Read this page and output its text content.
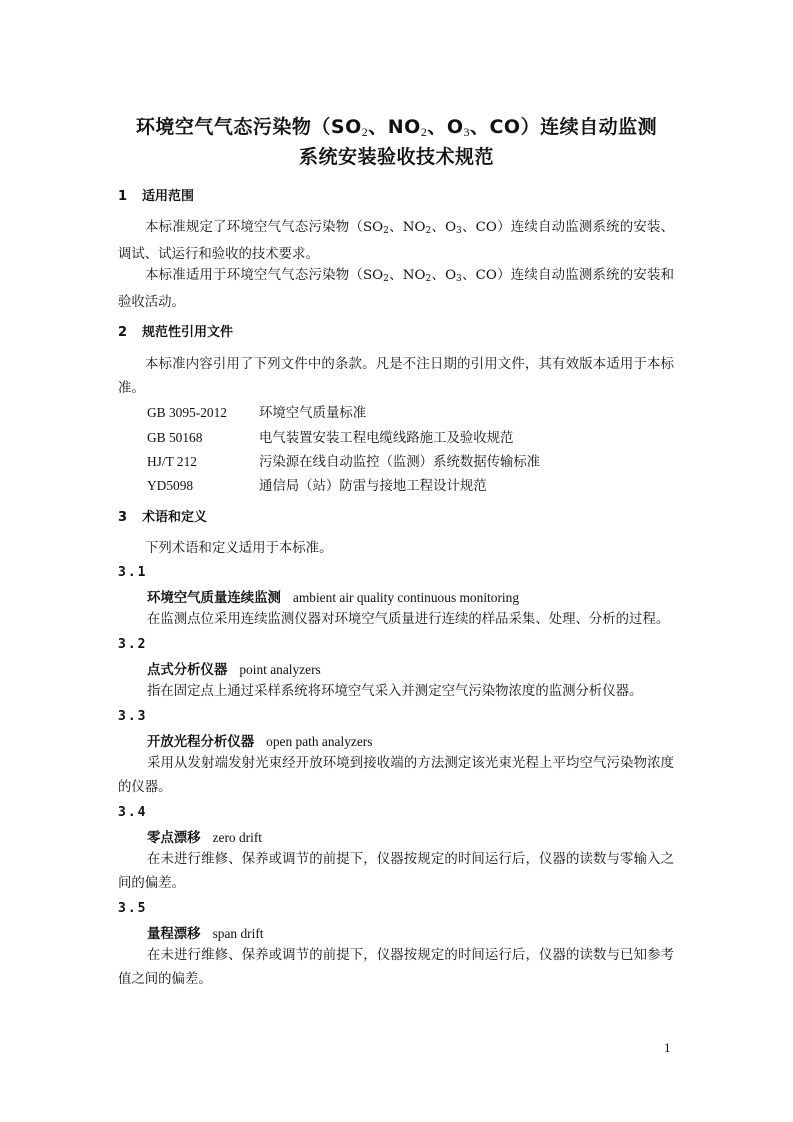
环境空气气态污染物（$SO_2$、$NO_2$、$O_3$、CO）连续自动监测
系统安装验收技术规范
1 适用范围
本标准规定了环境空气气态污染物（$SO_2$、$NO_2$、$O_3$、CO）连续自动监测系统的安装、调试、试运行和验收的技术要求。
本标准适用于环境空气气态污染物（$SO_2$、$NO_2$、$O_3$、CO）连续自动监测系统的安装和验收活动。
2 规范性引用文件
本标准内容引用了下列文件中的条款。凡是不注日期的引用文件，其有效版本适用于本标准。
GB 3095-2012 环境空气质量标准
GB 50168	电气装置安装工程电缆线路施工及验收规范
HJ/T 212	污染源在线自动监控（监测）系统数据传输标准
YD5098	通信局（站）防雷与接地工程设计规范
3 术语和定义
下列术语和定义适用于本标准。
3.1
环境空气质量连续监测 ambient air quality continuous monitoring
在监测点位采用连续监测仪器对环境空气质量进行连续的样品采集、处理、分析的过程。
3.2
点式分析仪器 point analyzers
指在固定点上通过采样系统将环境空气采入并测定空气污染物浓度的监测分析仪器。
3.3
开放光程分析仪器 open path analyzers
采用从发射端发射光束经开放环境到接收端的方法测定该光束光程上平均空气污染物浓度的仪器。
3.4
零点漂移 zero drift
在未进行维修、保养或调节的前提下，仪器按规定的时间运行后，仪器的读数与零输入之间的偏差。
3.5
量程漂移 span drift
在未进行维修、保养或调节的前提下，仪器按规定的时间运行后，仪器的读数与已知参考值之间的偏差。
1
